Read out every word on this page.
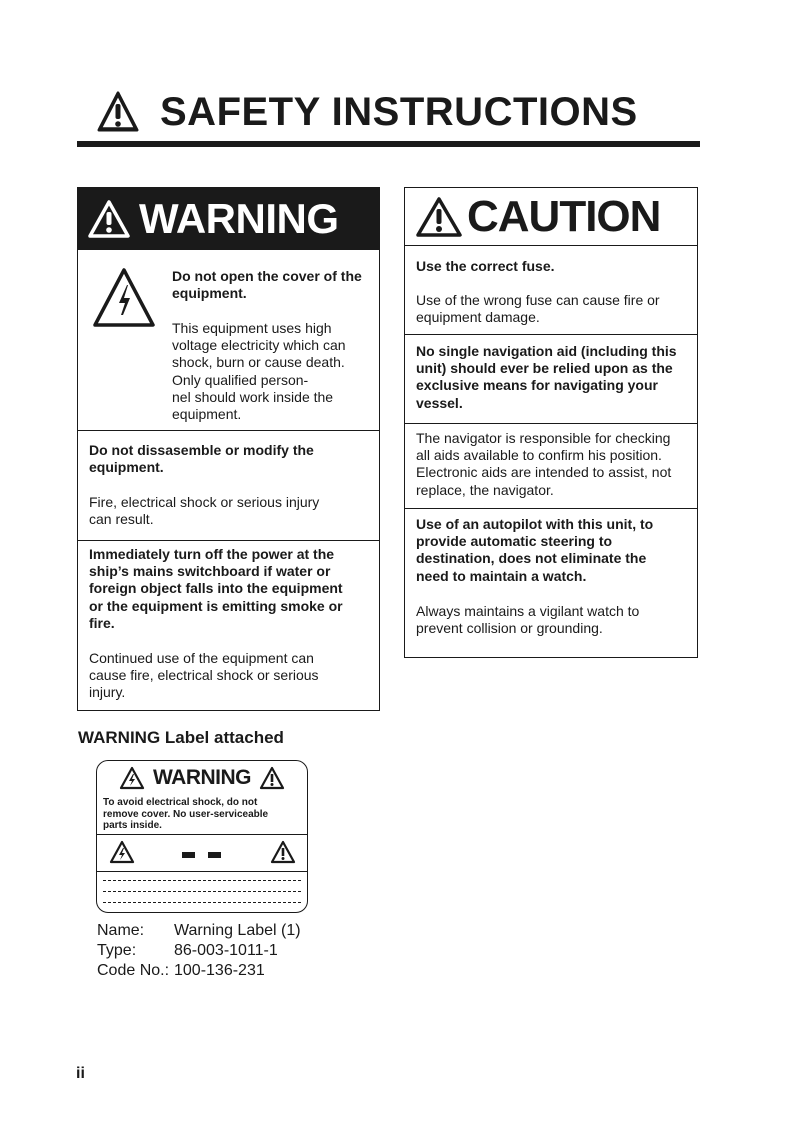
SAFETY INSTRUCTIONS
WARNING
Do not open the cover of the
equipment.
This equipment uses high
voltage electricity which can
shock, burn or cause death.
Only qualified person-
nel should work inside the
equipment.
Do not dissasemble or modify the
equipment.
Fire, electrical shock or serious injury
can result.
Immediately turn off the power at the
ship’s mains switchboard if water or
foreign object falls into the equipment
or the equipment is emitting smoke or
fire.
Continued use of the equipment can
cause fire, electrical shock or serious
injury.
CAUTION
Use the correct fuse.
Use of the wrong fuse can cause fire or
equipment damage.
No single navigation aid (including this
unit) should ever be relied upon as the
exclusive means for navigating your
vessel.
The navigator is responsible for checking
all aids available to confirm his position.
Electronic aids are intended to assist, not
replace, the navigator.
Use of an autopilot with this unit, to
provide automatic steering to
destination, does not eliminate the
need to maintain a watch.
Always maintains a vigilant watch to
prevent collision or grounding.
WARNING Label attached
WARNING
To avoid electrical shock, do not
remove cover. No user-serviceable
parts inside.
Name:	Warning Label (1)
Type:	86-003-1011-1
Code No.: 100-136-231
ii
